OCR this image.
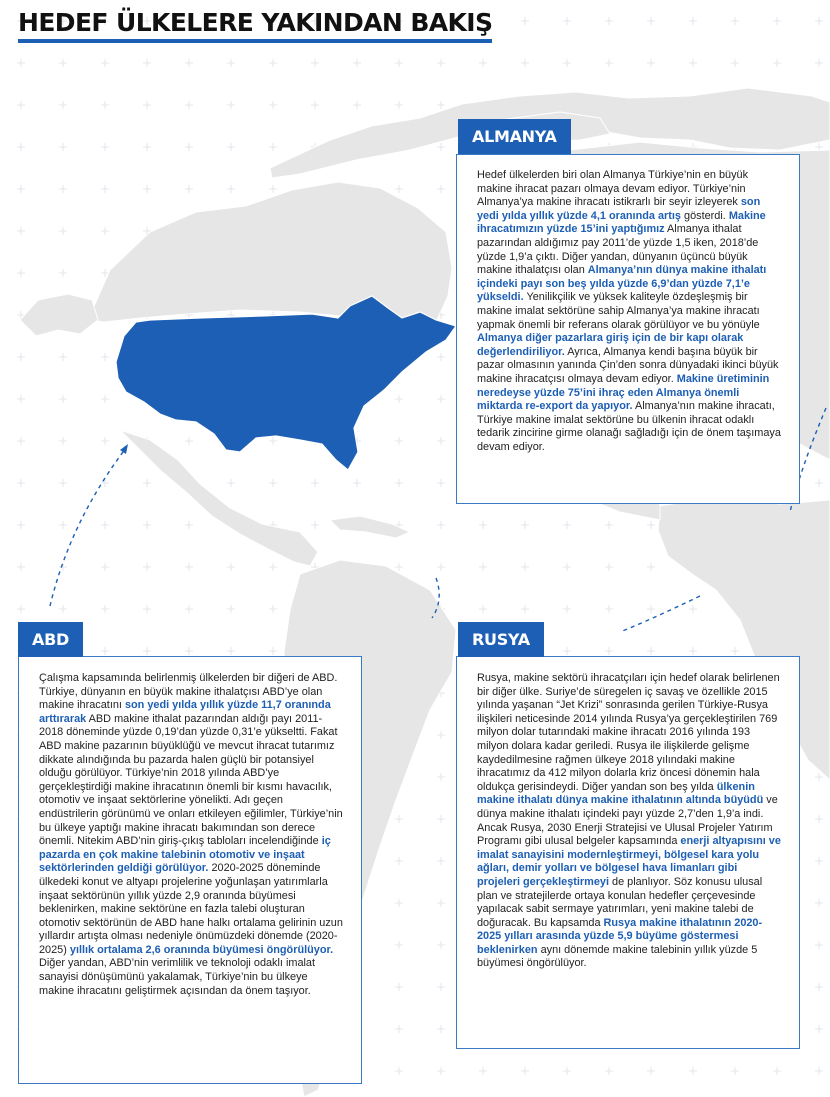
HEDEF ÜLKELERE YAKINDAN BAKIŞ
ALMANYA

Hedef ülkelerden biri olan Almanya Türkiye’nin en büyük makine ihracat pazarı olmaya devam ediyor. Türkiye’nin Almanya’ya makine ihracatı istikrarlı bir seyir izleyerek son yedi yılda yıllık yüzde 4,1 oranında artış gösterdi. Makine ihracatımızın yüzde 15’ini yaptığımız Almanya ithalat pazarından aldığımız pay 2011’de yüzde 1,5 iken, 2018’de yüzde 1,9’a çıktı. Diğer yandan, dünyanın üçüncü büyük makine ithalatçısı olan Almanya’nın dünya makine ithalatı içindeki payı son beş yılda yüzde 6,9’dan yüzde 7,1’e yükseldi. Yenilikçilik ve yüksek kaliteyle özdeşleşmiş bir makine imalat sektörüne sahip Almanya’ya makine ihracatı yapmak önemli bir referans olarak görülüyor ve bu yönüyle Almanya diğer pazarlara giriş için de bir kapı olarak değerlendiriliyor. Ayrıca, Almanya kendi başına büyük bir pazar olmasının yanında Çin’den sonra dünyadaki ikinci büyük makine ihracatçısı olmaya devam ediyor. Makine üretiminin neredeyse yüzde 75’ini ihraç eden Almanya önemli miktarda re-export da yapıyor. Almanya’nın makine ihracatı, Türkiye makine imalat sektörüne bu ülkenin ihracat odaklı tedarik zincirine girme olanağı sağladığı için de önem taşımaya devam ediyor.

ABD

Çalışma kapsamında belirlenmiş ülkelerden bir diğeri de ABD. Türkiye, dünyanın en büyük makine ithalatçısı ABD’ye olan makine ihracatını son yedi yılda yıllık yüzde 11,7 oranında arttırarak ABD makine ithalat pazarından aldığı payı 2011-2018 döneminde yüzde 0,19’dan yüzde 0,31’e yükseltti. Fakat ABD makine pazarının büyüklüğü ve mevcut ihracat tutarımız dikkate alındığında bu pazarda halen güçlü bir potansiyel olduğu görülüyor. Türkiye’nin 2018 yılında ABD’ye gerçekleştirdiği makine ihracatının önemli bir kısmı havacılık, otomotiv ve inşaat sektörlerine yönelikti. Adı geçen endüstrilerin görünümü ve onları etkileyen eğilimler, Türkiye’nin bu ülkeye yaptığı makine ihracatı bakımından son derece önemli. Nitekim ABD’nin giriş-çıkış tabloları incelendiğinde iç pazarda en çok makine talebinin otomotiv ve inşaat sektörlerinden geldiği görülüyor. 2020-2025 döneminde ülkedeki konut ve altyapı projelerine yoğunlaşan yatırımlarla inşaat sektörünün yıllık yüzde 2,9 oranında büyümesi beklenirken, makine sektörüne en fazla talebi oluşturan otomotiv sektörünün de ABD hane halkı ortalama gelirinin uzun yıllardır artışta olması nedeniyle önümüzdeki dönemde (2020-2025) yıllık ortalama 2,6 oranında büyümesi öngörülüyor. Diğer yandan, ABD’nin verimlilik ve teknoloji odaklı imalat sanayisi dönüşümünü yakalamak, Türkiye’nin bu ülkeye makine ihracatını geliştirmek açısından da önem taşıyor.

RUSYA

Rusya, makine sektörü ihracatçıları için hedef olarak belirlenen bir diğer ülke. Suriye’de süregelen iç savaş ve özellikle 2015 yılında yaşanan “Jet Krizi” sonrasında gerilen Türkiye-Rusya ilişkileri neticesinde 2014 yılında Rusya’ya gerçekleştirilen 769 milyon dolar tutarındaki makine ihracatı 2016 yılında 193 milyon dolara kadar geriledi. Rusya ile ilişkilerde gelişme kaydedilmesine rağmen ülkeye 2018 yılındaki makine ihracatımız da 412 milyon dolarla kriz öncesi dönemin hala oldukça gerisindeydi. Diğer yandan son beş yılda ülkenin makine ithalatı dünya makine ithalatının altında büyüdü ve dünya makine ithalatı içindeki payı yüzde 2,7’den 1,9’a indi. Ancak Rusya, 2030 Enerji Stratejisi ve Ulusal Projeler Yatırım Programı gibi ulusal belgeler kapsamında enerji altyapısını ve imalat sanayisini modernleştirmeyi, bölgesel kara yolu ağları, demir yolları ve bölgesel hava limanları gibi projeleri gerçekleştirmeyi de planlıyor. Söz konusu ulusal plan ve stratejilerde ortaya konulan hedefler çerçevesinde yapılacak sabit sermaye yatırımları, yeni makine talebi de doğuracak. Bu kapsamda Rusya makine ithalatının 2020-2025 yılları arasında yüzde 5,9 büyüme göstermesi beklenirken aynı dönemde makine talebinin yıllık yüzde 5 büyümesi öngörülüyor.
